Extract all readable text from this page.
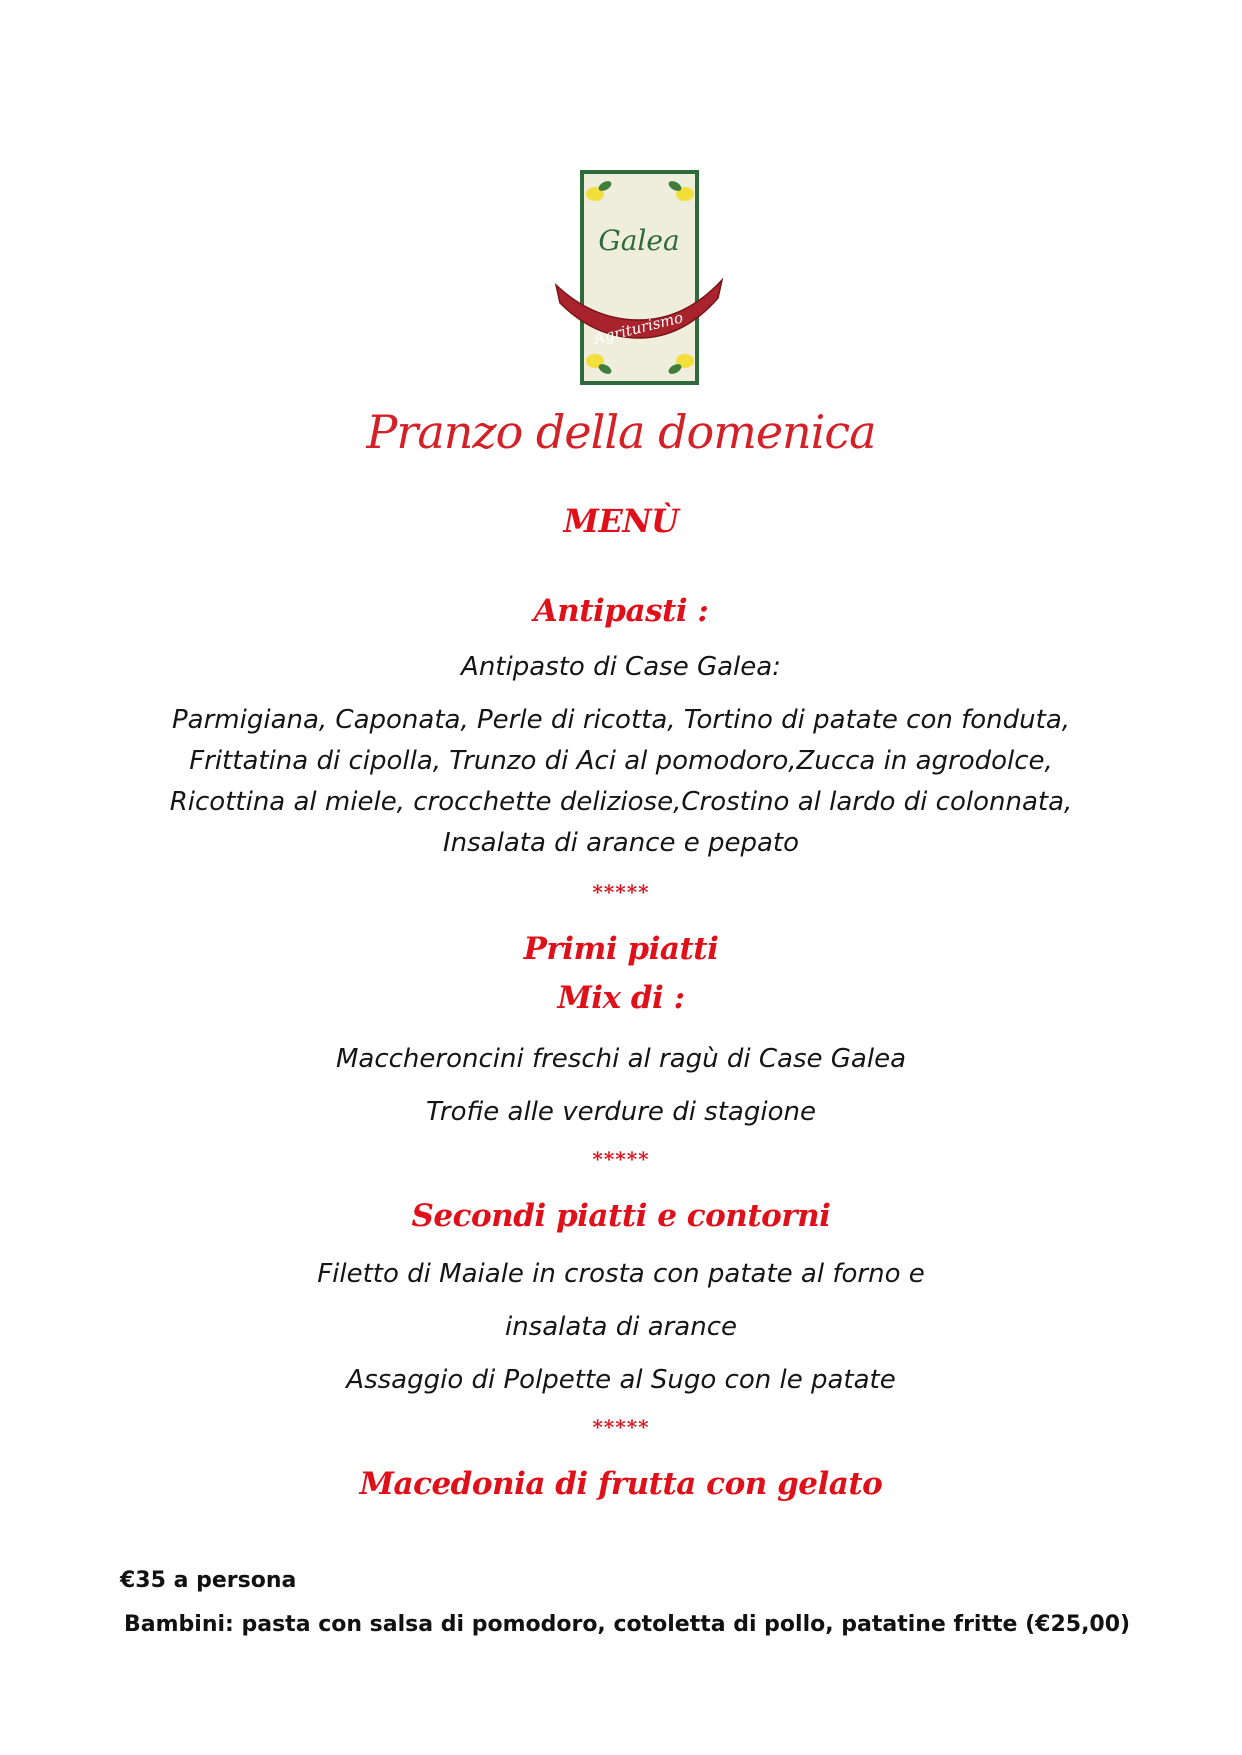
Galea
Agriturismo
Pranzo della domenica
MENÙ
Antipasti :
Antipasto di Case Galea:
Parmigiana, Caponata, Perle di ricotta, Tortino di patate con fonduta,
Frittatina di cipolla, Trunzo di Aci al pomodoro,Zucca in agrodolce,
Ricottina al miele, crocchette deliziose,Crostino al lardo di colonnata,
Insalata di arance e pepato
*****
Primi piatti
Mix di :
Maccheroncini freschi al ragù di Case Galea
Trofie alle verdure di stagione
*****
Secondi piatti e contorni
Filetto di Maiale in crosta con patate al forno e
insalata di arance
Assaggio di Polpette al Sugo con le patate
*****
Macedonia di frutta con gelato
€35 a persona
Bambini: pasta con salsa di pomodoro, cotoletta di pollo, patatine fritte (€25,00)
